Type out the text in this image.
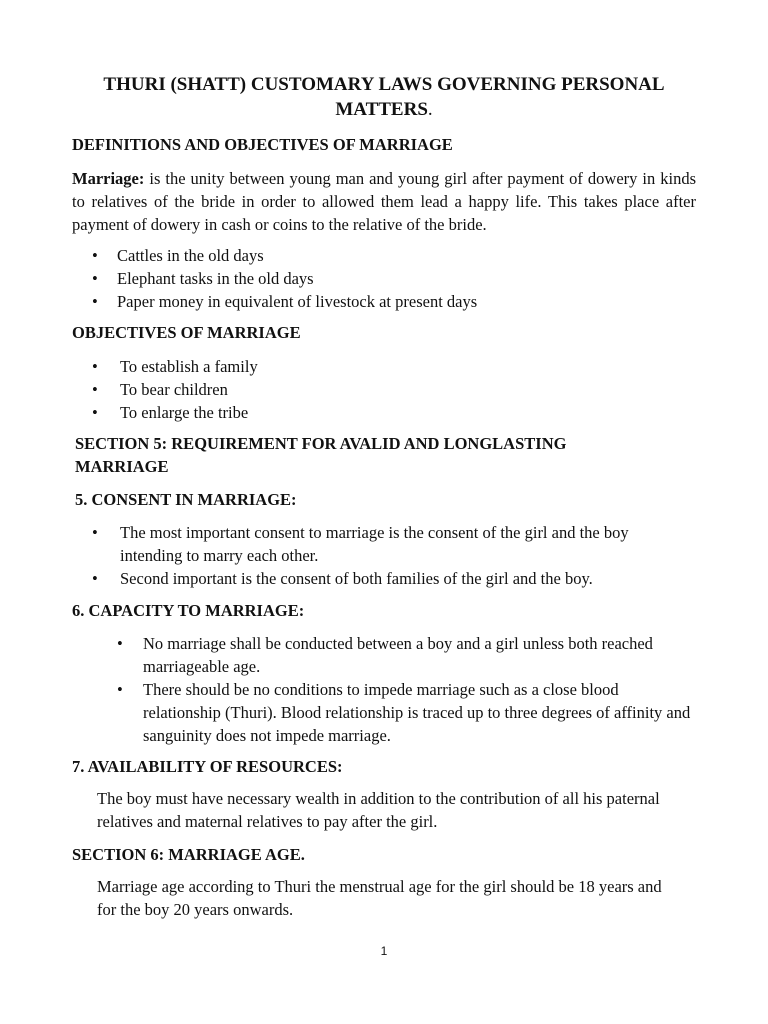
THURI (SHATT) CUSTOMARY LAWS GOVERNING PERSONAL MATTERS.
DEFINITIONS AND OBJECTIVES OF MARRIAGE
Marriage: is the unity between young man and young girl after payment of dowery in kinds to relatives of the bride in order to allowed them lead a happy life. This takes place after payment of dowery in cash or coins to the relative of the bride.
• Cattles in the old days
• Elephant tasks in the old days
• Paper money in equivalent of livestock at present days
OBJECTIVES OF MARRIAGE
• To establish a family
• To bear children
• To enlarge the tribe
SECTION 5: REQUIREMENT FOR AVALID AND LONGLASTING MARRIAGE
5. CONSENT IN MARRIAGE:
• The most important consent to marriage is the consent of the girl and the boy intending to marry each other.
• Second important is the consent of both families of the girl and the boy.
6. CAPACITY TO MARRIAGE:
• No marriage shall be conducted between a boy and a girl unless both reached marriageable age.
• There should be no conditions to impede marriage such as a close blood relationship (Thuri). Blood relationship is traced up to three degrees of affinity and sanguinity does not impede marriage.
7. AVAILABILITY OF RESOURCES:
The boy must have necessary wealth in addition to the contribution of all his paternal relatives and maternal relatives to pay after the girl.
SECTION 6: MARRIAGE AGE.
Marriage age according to Thuri the menstrual age for the girl should be 18 years and for the boy 20 years onwards.
1
